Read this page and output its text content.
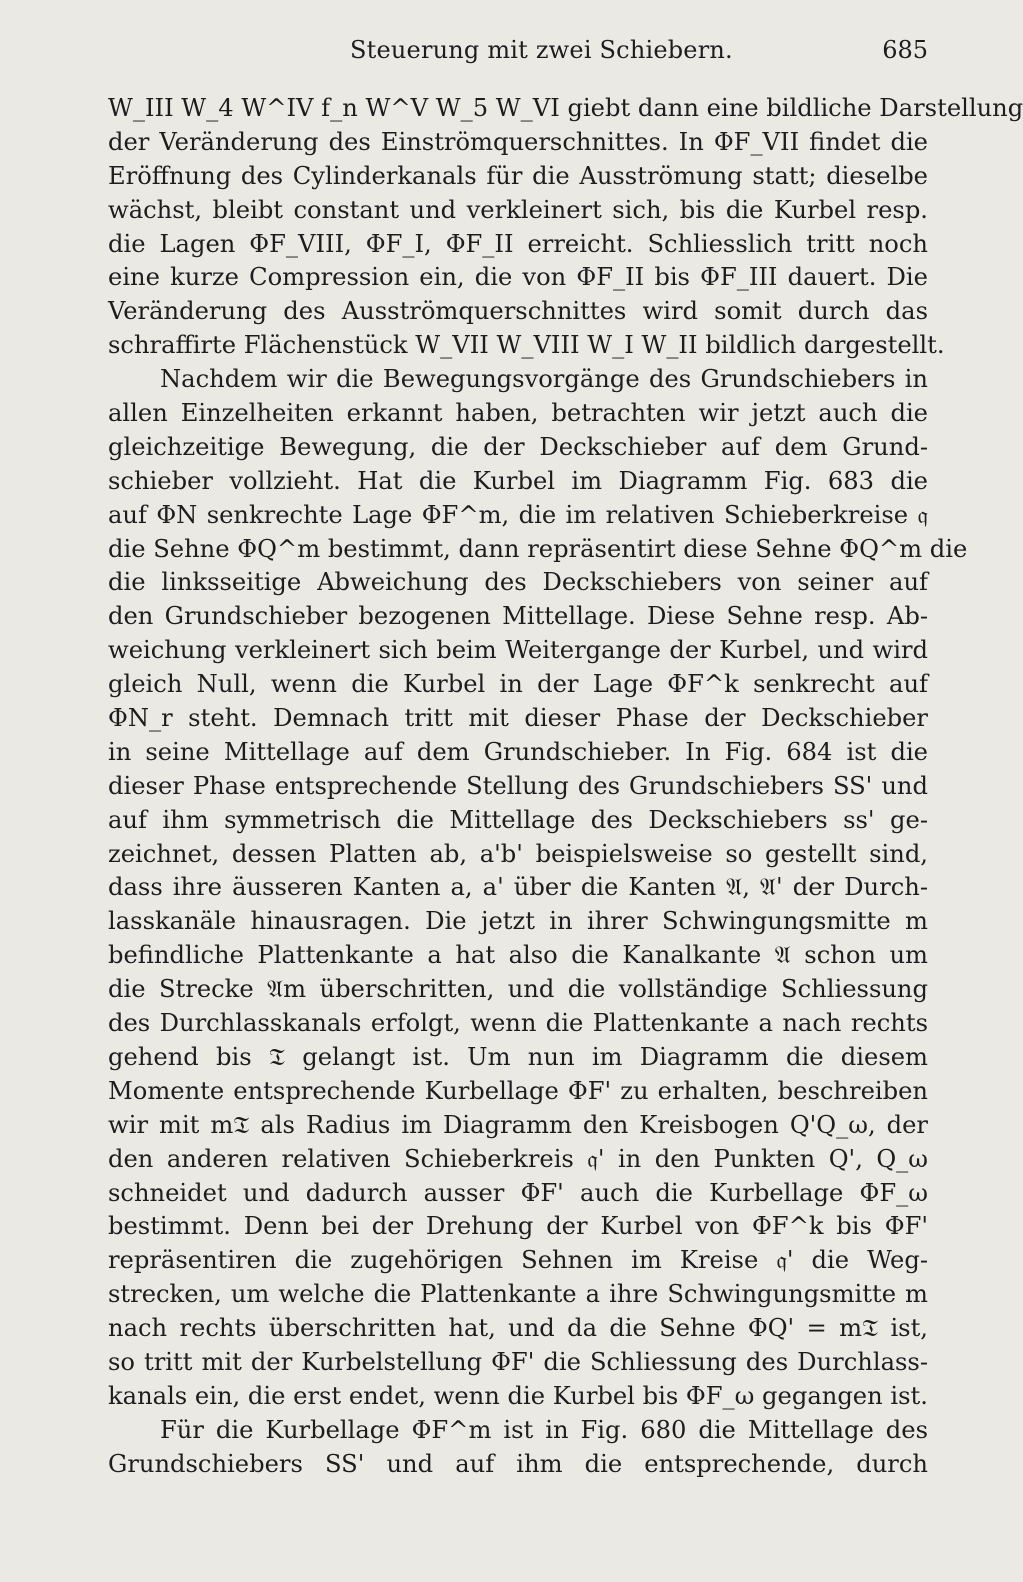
Steuerung mit zwei Schiebern.	685
W_III W_4 W^IV f_n W^V W_5 W_VI giebt dann eine bildliche Darstellung
der Veränderung des Einströmquerschnittes. In ΦF_VII findet die
Eröffnung des Cylinderkanals für die Ausströmung statt; dieselbe
wächst, bleibt constant und verkleinert sich, bis die Kurbel resp.
die Lagen ΦF_VIII, ΦF_I, ΦF_II erreicht. Schliesslich tritt noch
eine kurze Compression ein, die von ΦF_II bis ΦF_III dauert. Die
Veränderung des Ausströmquerschnittes wird somit durch das
schraffirte Flächenstück W_VII W_VIII W_I W_II bildlich dargestellt.
Nachdem wir die Bewegungsvorgänge des Grundschiebers in
allen Einzelheiten erkannt haben, betrachten wir jetzt auch die
gleichzeitige Bewegung, die der Deckschieber auf dem Grund-
schieber vollzieht. Hat die Kurbel im Diagramm Fig. 683 die
auf ΦN senkrechte Lage ΦF^m, die im relativen Schieberkreise 𝔮
die Sehne ΦQ^m bestimmt, dann repräsentirt diese Sehne ΦQ^m die
die linksseitige Abweichung des Deckschiebers von seiner auf
den Grundschieber bezogenen Mittellage. Diese Sehne resp. Ab-
weichung verkleinert sich beim Weitergange der Kurbel, und wird
gleich Null, wenn die Kurbel in der Lage ΦF^k senkrecht auf
ΦN_r steht. Demnach tritt mit dieser Phase der Deckschieber
in seine Mittellage auf dem Grundschieber. In Fig. 684 ist die
dieser Phase entsprechende Stellung des Grundschiebers SS' und
auf ihm symmetrisch die Mittellage des Deckschiebers ss' ge-
zeichnet, dessen Platten ab, a'b' beispielsweise so gestellt sind,
dass ihre äusseren Kanten a, a' über die Kanten 𝔄, 𝔄' der Durch-
lasskanäle hinausragen. Die jetzt in ihrer Schwingungsmitte m
befindliche Plattenkante a hat also die Kanalkante 𝔄 schon um
die Strecke 𝔄m überschritten, und die vollständige Schliessung
des Durchlasskanals erfolgt, wenn die Plattenkante a nach rechts
gehend bis 𝔗 gelangt ist. Um nun im Diagramm die diesem
Momente entsprechende Kurbellage ΦF' zu erhalten, beschreiben
wir mit m𝔗 als Radius im Diagramm den Kreisbogen Q'Q_ω, der
den anderen relativen Schieberkreis 𝔮' in den Punkten Q', Q_ω
schneidet und dadurch ausser ΦF' auch die Kurbellage ΦF_ω
bestimmt. Denn bei der Drehung der Kurbel von ΦF^k bis ΦF'
repräsentiren die zugehörigen Sehnen im Kreise 𝔮' die Weg-
strecken, um welche die Plattenkante a ihre Schwingungsmitte m
nach rechts überschritten hat, und da die Sehne ΦQ' = m𝔗 ist,
so tritt mit der Kurbelstellung ΦF' die Schliessung des Durchlass-
kanals ein, die erst endet, wenn die Kurbel bis ΦF_ω gegangen ist.
Für die Kurbellage ΦF^m ist in Fig. 680 die Mittellage des
Grundschiebers SS' und auf ihm die entsprechende, durch
